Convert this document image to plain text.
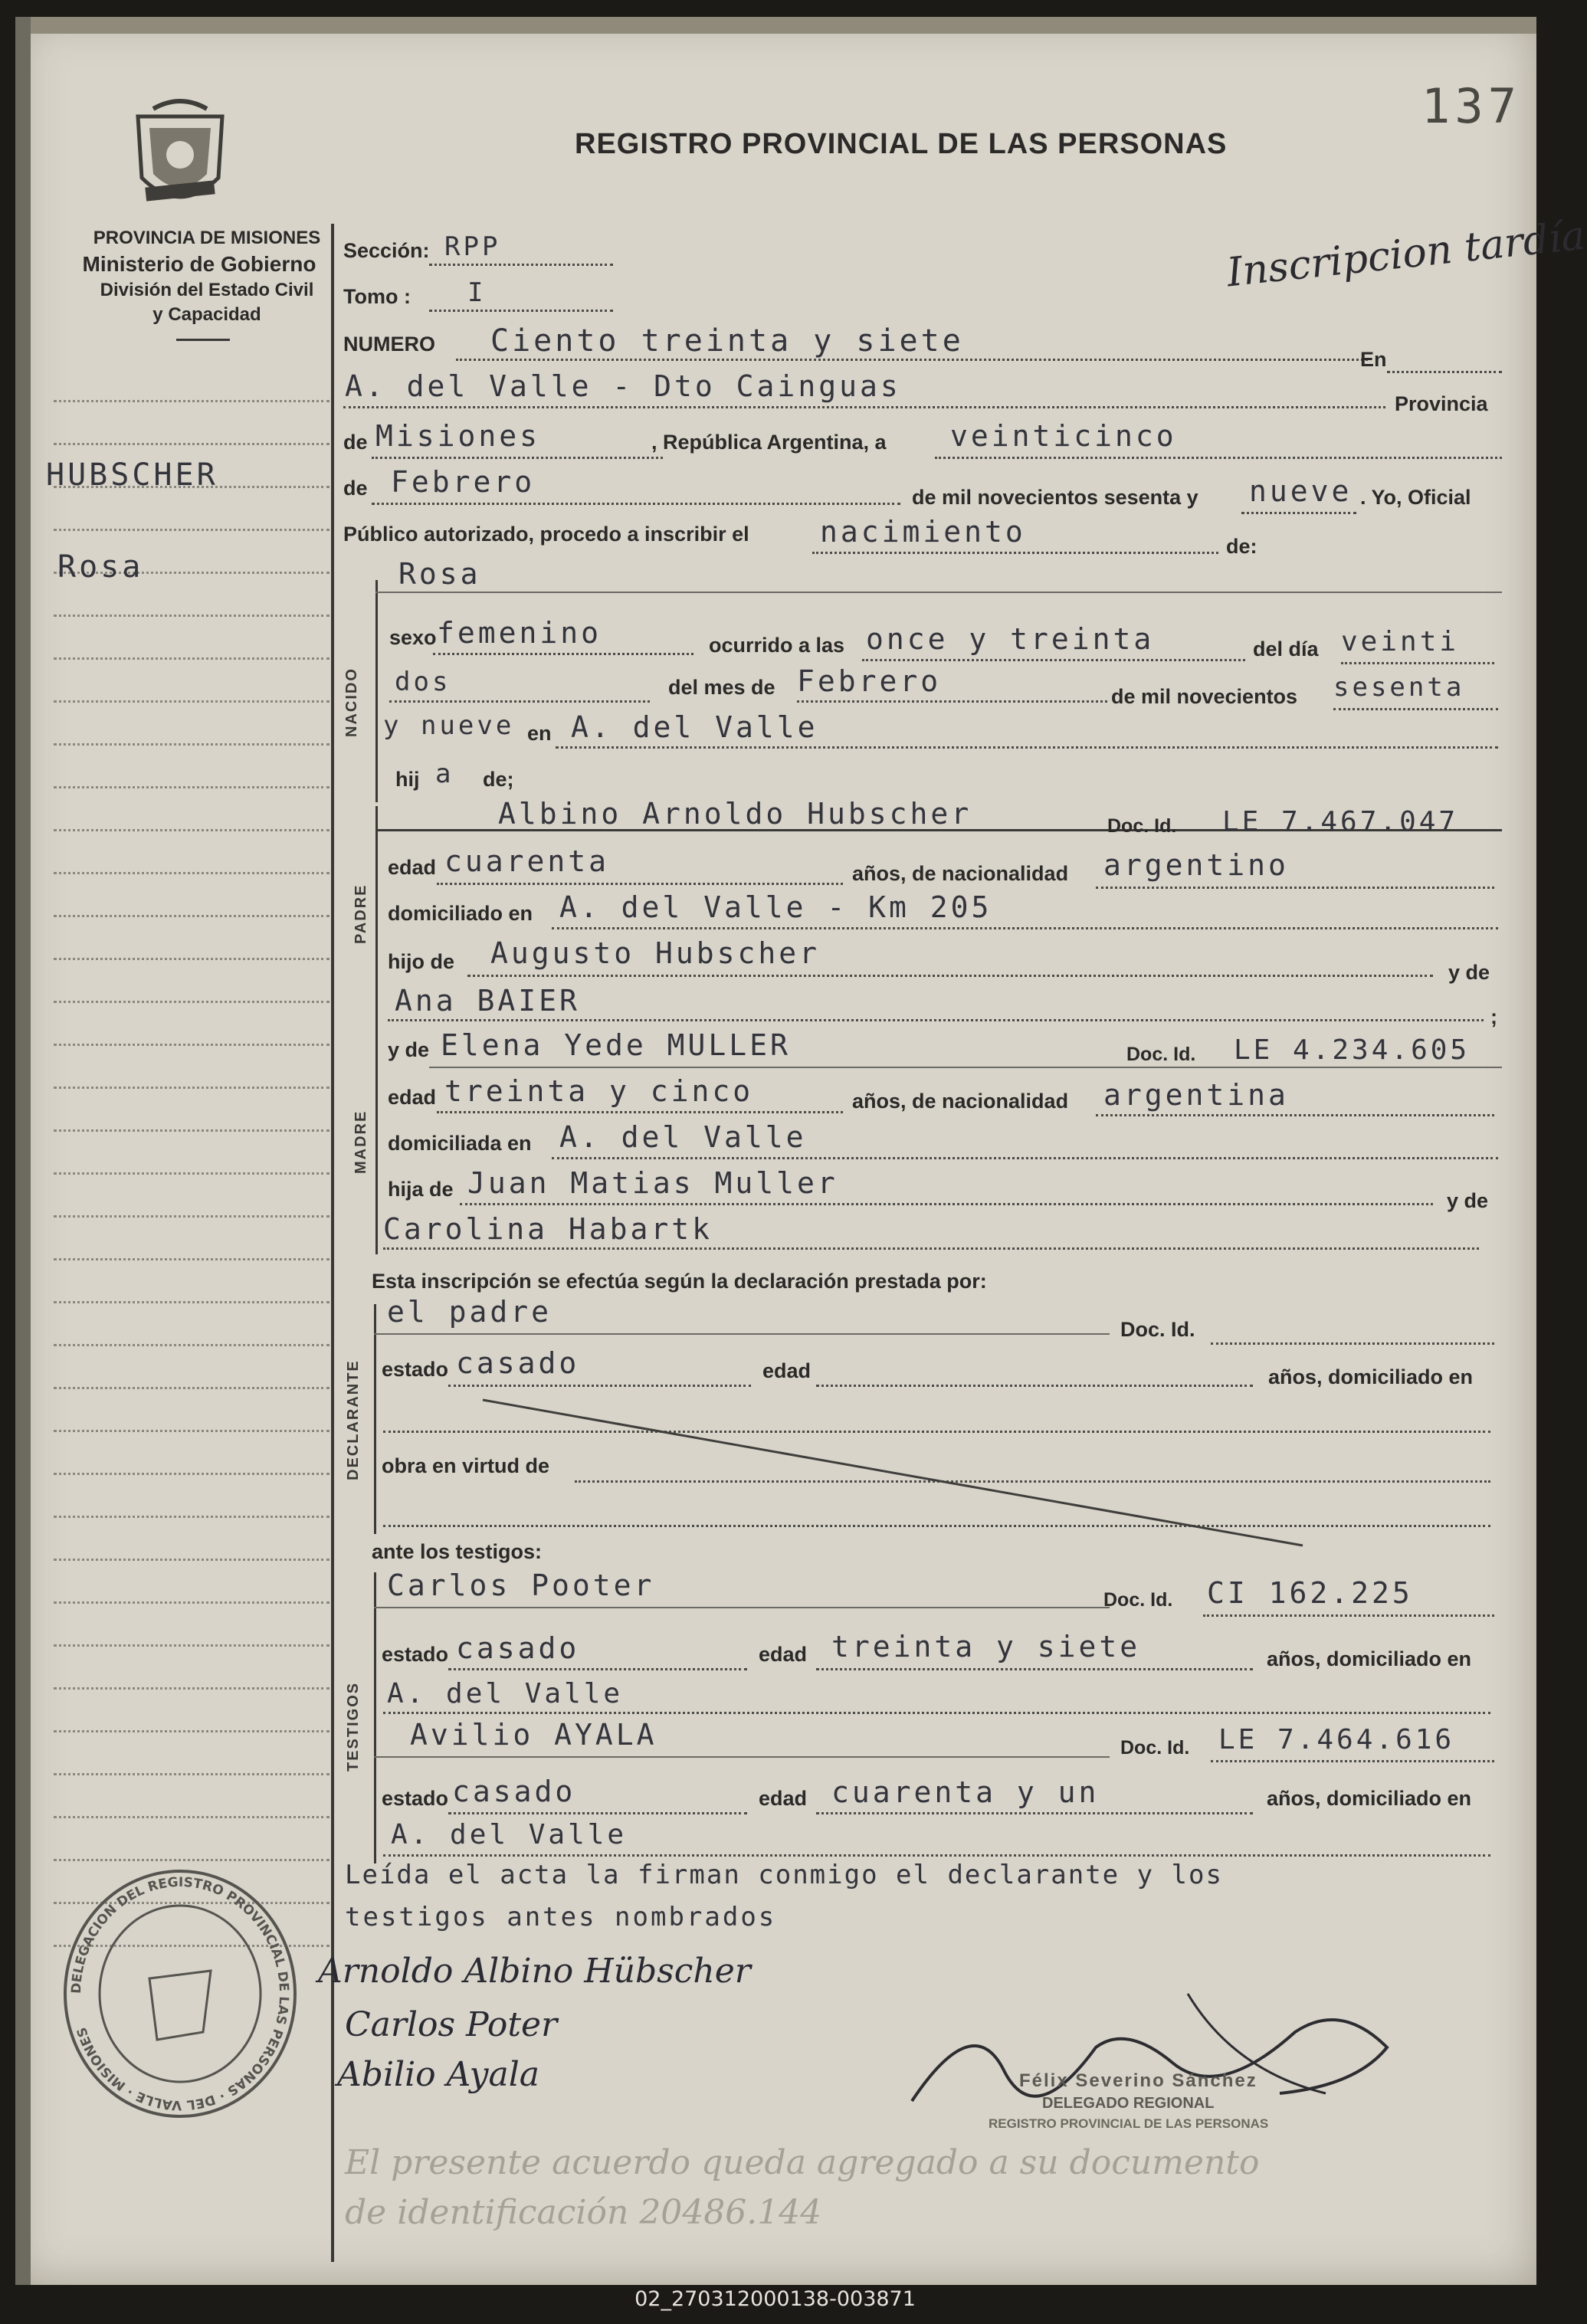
137
PROVINCIA DE MISIONES
Ministerio de Gobierno
División del Estado Civil
y Capacidad
REGISTRO PROVINCIAL DE LAS PERSONAS
Inscripcion tardía
HUBSCHER
Rosa
Sección: RPP
Tomo : I
NUMERO Ciento treinta y siete
En
A. del Valle - Dto Cainguas
Provincia
de Misiones	, República Argentina, a veinticinco
de Febrero	de mil novecientos sesenta y nueve . Yo, Oficial
Público autorizado, procedo a inscribir el nacimiento	de:
NACIDO
Rosa
sexo femenino	ocurrido a las once y treinta	del día veinti
dos	del mes de Febrero	de mil novecientos sesenta
y nueve en A. del Valle
hij a de;
PADRE
Albino Arnoldo Hubscher	Doc. Id. LE 7.467.047
edad cuarenta	años, de nacionalidad argentino
domiciliado en A. del Valle - Km 205
hijo de Augusto Hubscher
y de
Ana BAIER	;
MADRE
y de Elena Yede MULLER	Doc. Id. LE 4.234.605
edad treinta y cinco	años, de nacionalidad argentina
domiciliada en A. del Valle
hija de Juan Matias Muller
y de
Carolina Habartk
Esta inscripción se efectúa según la declaración prestada por:
DECLARANTE
el padre
Doc. Id.
estado casado	edad	años, domiciliado en
obra en virtud de
ante los testigos:
TESTIGOS
Carlos Pooter	Doc. Id. CI 162.225
estado casado	edad treinta y siete	años, domiciliado en
A. del Valle
Avilio AYALA	Doc. Id. LE 7.464.616
estado casado	edad cuarenta y un	años, domiciliado en
A. del Valle
Leída el acta la firman conmigo el declarante y los
testigos antes nombrados
Arnoldo Albino Hübscher
Carlos Poter
Abilio Ayala	Félix Severino Sánchez
DELEGADO REGIONAL
REGISTRO PROVINCIAL DE LAS PERSONAS
DELEGACION DEL REGISTRO PROVINCIAL DE LAS PERSONAS · DEL VALLE · MISIONES
El presente acuerdo queda agregado a su documento
de identificación 20486.144
02_270312000138-003871
